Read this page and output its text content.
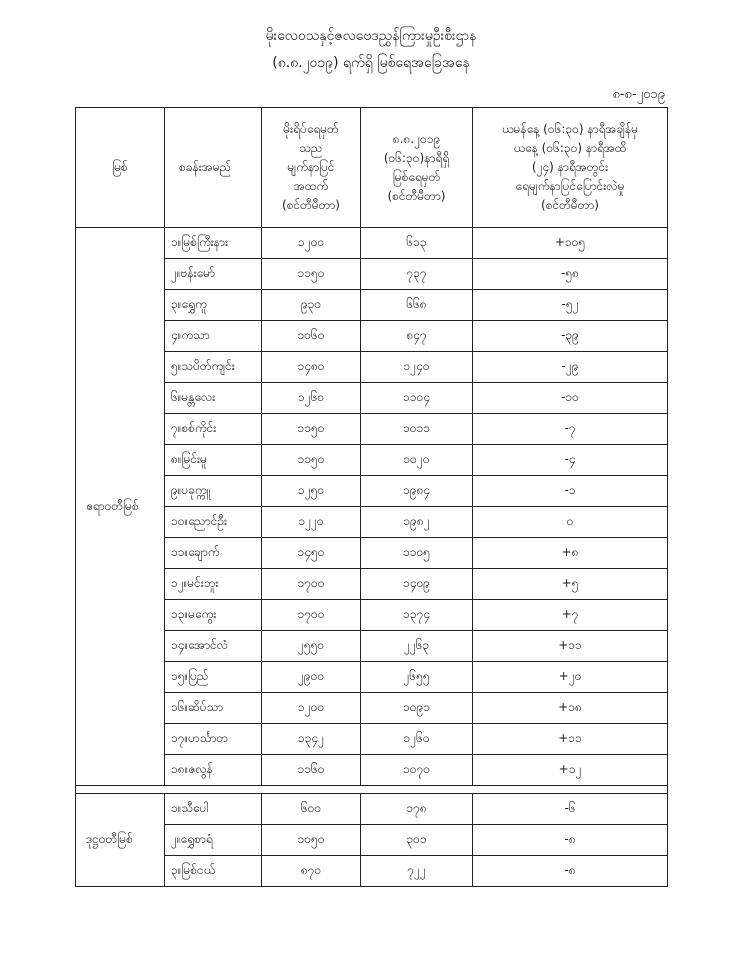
မိုးလေဝသနှင့်ဇလဗေဒညွှန်ကြားမှုဦးစီးဌာန
(၈.၈.၂၀၁၉) ရက်ရှိ မြစ်ရေအခြေအနေ
၈-၈-၂၀၁၉
မြစ်	စခန်းအမည်	မိုးရိပ်ရေမှတ်
သည
မျက်နာပြင်
အထက်
(စင်တီမီတာ)	၈.၈.၂၀၁၉
(၀၆:၃၀)နာရီရှိ
မြစ်ရေမှတ်
(စင်တီမီတာ)	ယမန်နေ့ (၀၆:၃၀) နာရီအချိန်မှ
ယနေ့ (၀၆:၃၀) နာရီအထိ
(၂၄) နာရီအတွင်း
ရေမျက်နာပြင်ပြောင်းလဲမှု
(စင်တီမီတာ)

ဧရာဝတီမြစ်	၁။မြစ်ကြီးနား	၁၂၀၀	၆၁၃	+၁၀၅
	၂။ဗန်းမော်	၁၁၅၀	၇၃၇	-၅၈
	၃။ရွှေကူ	၉၃၀	၆၆၈	-၅၂
	၄။ကသာ	၁၀၆၀	၈၄၇	-၃၉
	၅။သပိတ်ကျင်း	၁၄၈၀	၁၂၄၀	-၂၉
	၆။မန္တလေး	၁၂၆၀	၁၁၀၄	-၁၀
	၇။စစ်ကိုင်း	၁၁၅၀	၁၀၁၁	-၇
	၈။မြင်းမူ	၁၁၅၀	၁၀၂၀	-၄
	၉။ပခုက္ကူ	၁၂၅၀	၁၉၈၄	-၁
	၁၀။ညောင်ဦး	၁၂၂၀	၁၉၈၂	၀
	၁၁။ချောက်	၁၄၅၀	၁၁၀၅	+၈
	၁၂။မင်းဘူး	၁၇၀၀	၁၄၀၉	+၅
	၁၃။မကွေး	၁၇၀၀	၁၃၇၄	+၇
	၁၄။အောင်လံ	၂၅၅၀	၂၂၆၃	+၁၁
	၁၅။ပြည်	၂၉၀၀	၂၆၅၅	+၂၀
	၁၆။ဆိပ်သာ	၁၂၀၀	၁၀၉၁	+၁၈
	၁၇။ဟင်္သာတ	၁၃၄၂	၁၂၆၀	+၁၁
	၁၈။ဇလွန်	၁၁၆၀	၁၀၇၀	+၁၂

ဒုဋ္ဌဝတီမြစ်	၁။သီပေါ	၆၀၀	၁၇၈	-၆
	၂။ရွှေစာရံ	၁၀၅၀	၃၀၁	-၈
	၃။မြစ်ငယ်	၈၇၀	၇၂၂	-၈
